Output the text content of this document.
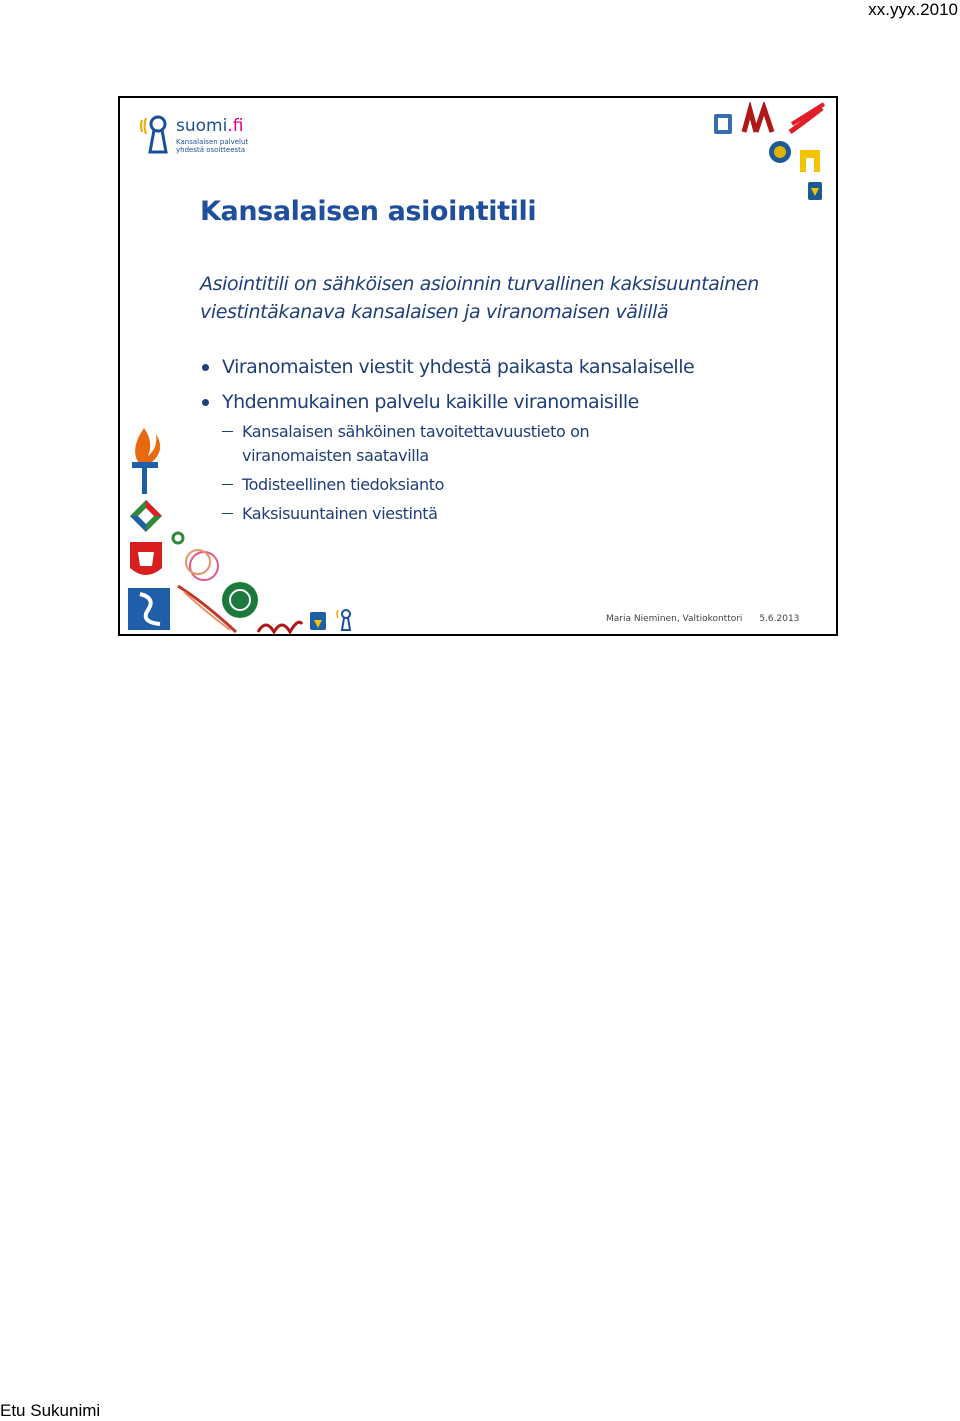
xx.yyx.2010
suomi.fi
Kansalaisen palvelut
yhdestä osoitteesta
Kansalaisen asiointitili
Asiointitili on sähköisen asioinnin turvallinen kaksisuuntainen
viestintäkanava kansalaisen ja viranomaisen välillä
Viranomaisten viestit yhdestä paikasta kansalaiselle
Yhdenmukainen palvelu kaikille viranomaisille
Kansalaisen sähköinen tavoitettavuustieto on
viranomaisten saatavilla
Todisteellinen tiedoksianto
Kaksisuuntainen viestintä
Maria Nieminen, Valtiokonttori 5.6.2013
Etu Sukunimi
